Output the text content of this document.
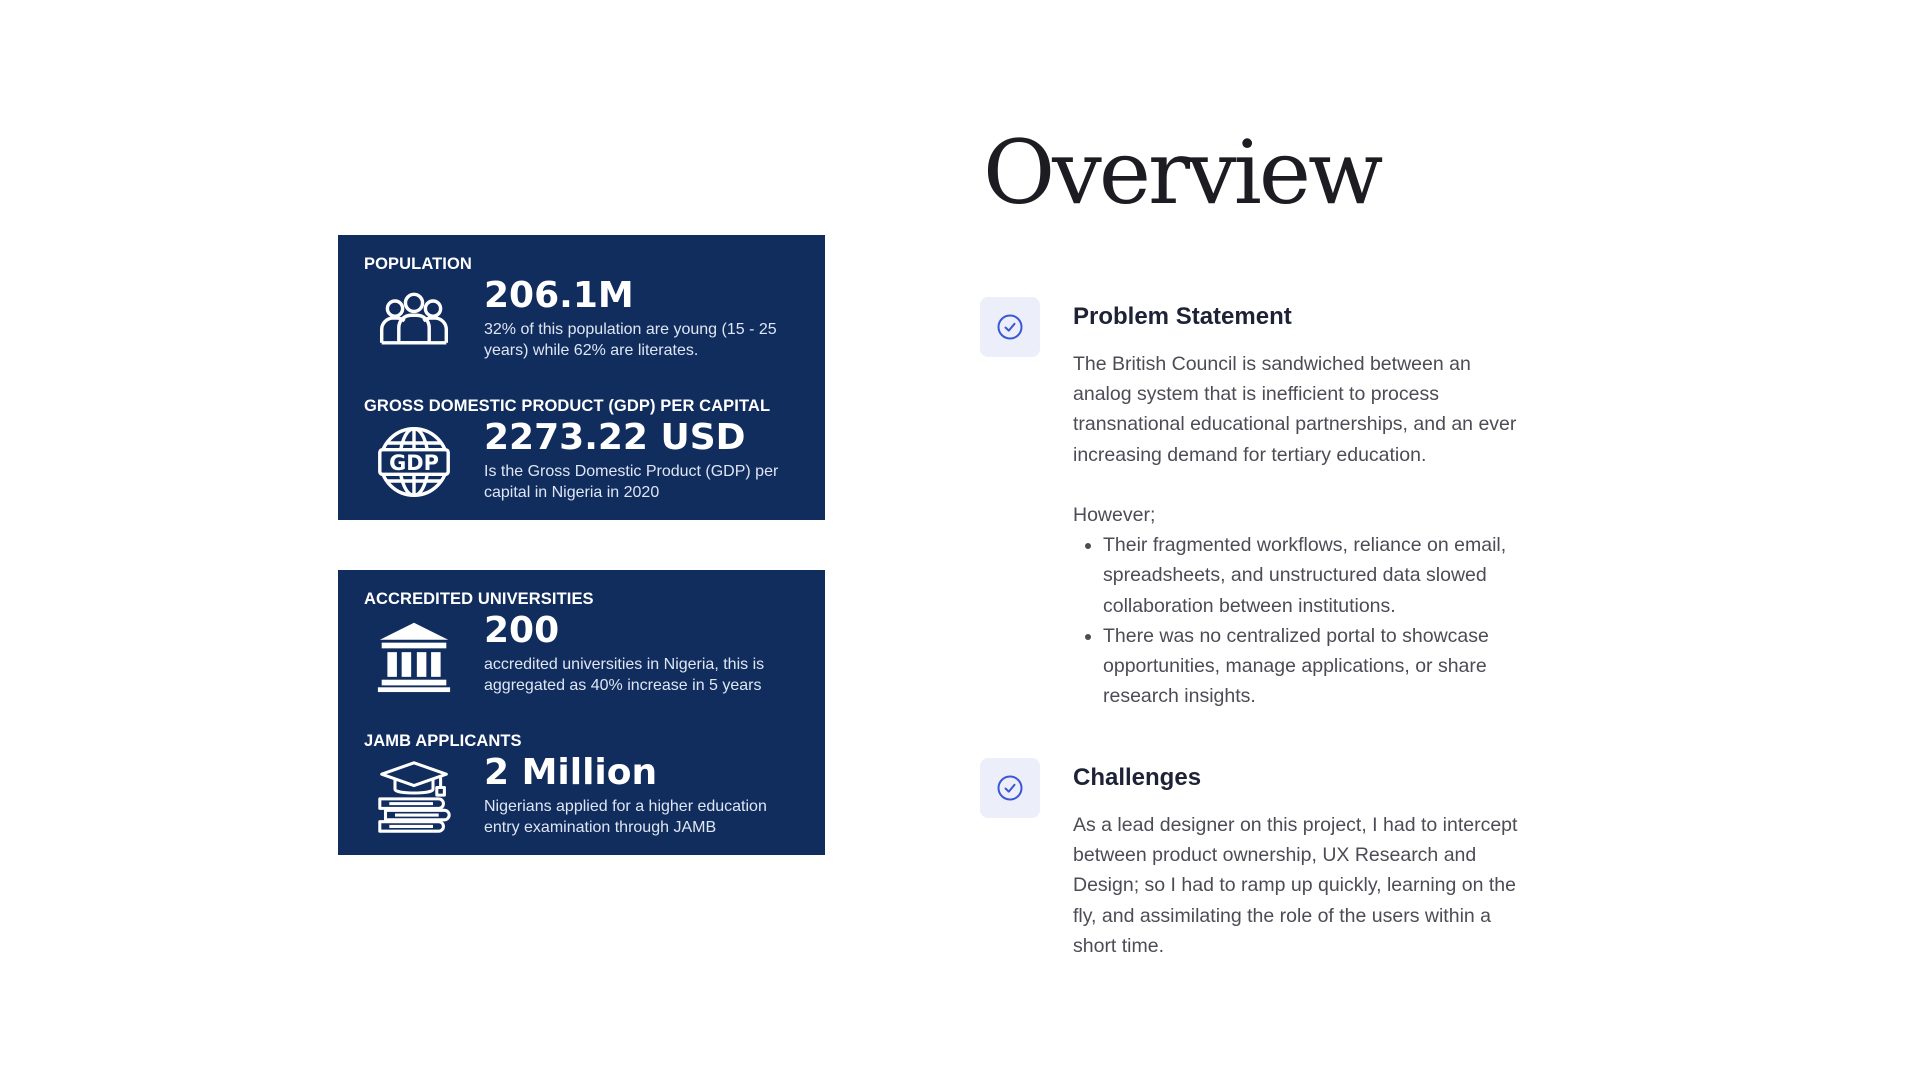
Overview
POPULATION
206.1M
32% of this population are young (15 - 25 years) while 62% are literates.
GROSS DOMESTIC PRODUCT (GDP) PER CAPITAL
GDP
2273.22 USD
Is the Gross Domestic Product (GDP) per capital in Nigeria in 2020
ACCREDITED UNIVERSITIES
200
accredited universities in Nigeria, this is aggregated as 40% increase in 5 years
JAMB APPLICANTS
2 Million
Nigerians applied for a higher education entry examination through JAMB
Problem Statement

The British Council is sandwiched between an analog system that is inefficient to process transnational educational partnerships, and an ever increasing demand for tertiary education.

However;

• Their fragmented workflows, reliance on email, spreadsheets, and unstructured data slowed collaboration between institutions.
• There was no centralized portal to showcase opportunities, manage applications, or share research insights.
Challenges

As a lead designer on this project, I had to intercept between product ownership, UX Research and Design; so I had to ramp up quickly, learning on the fly, and assimilating the role of the users within a short time.
